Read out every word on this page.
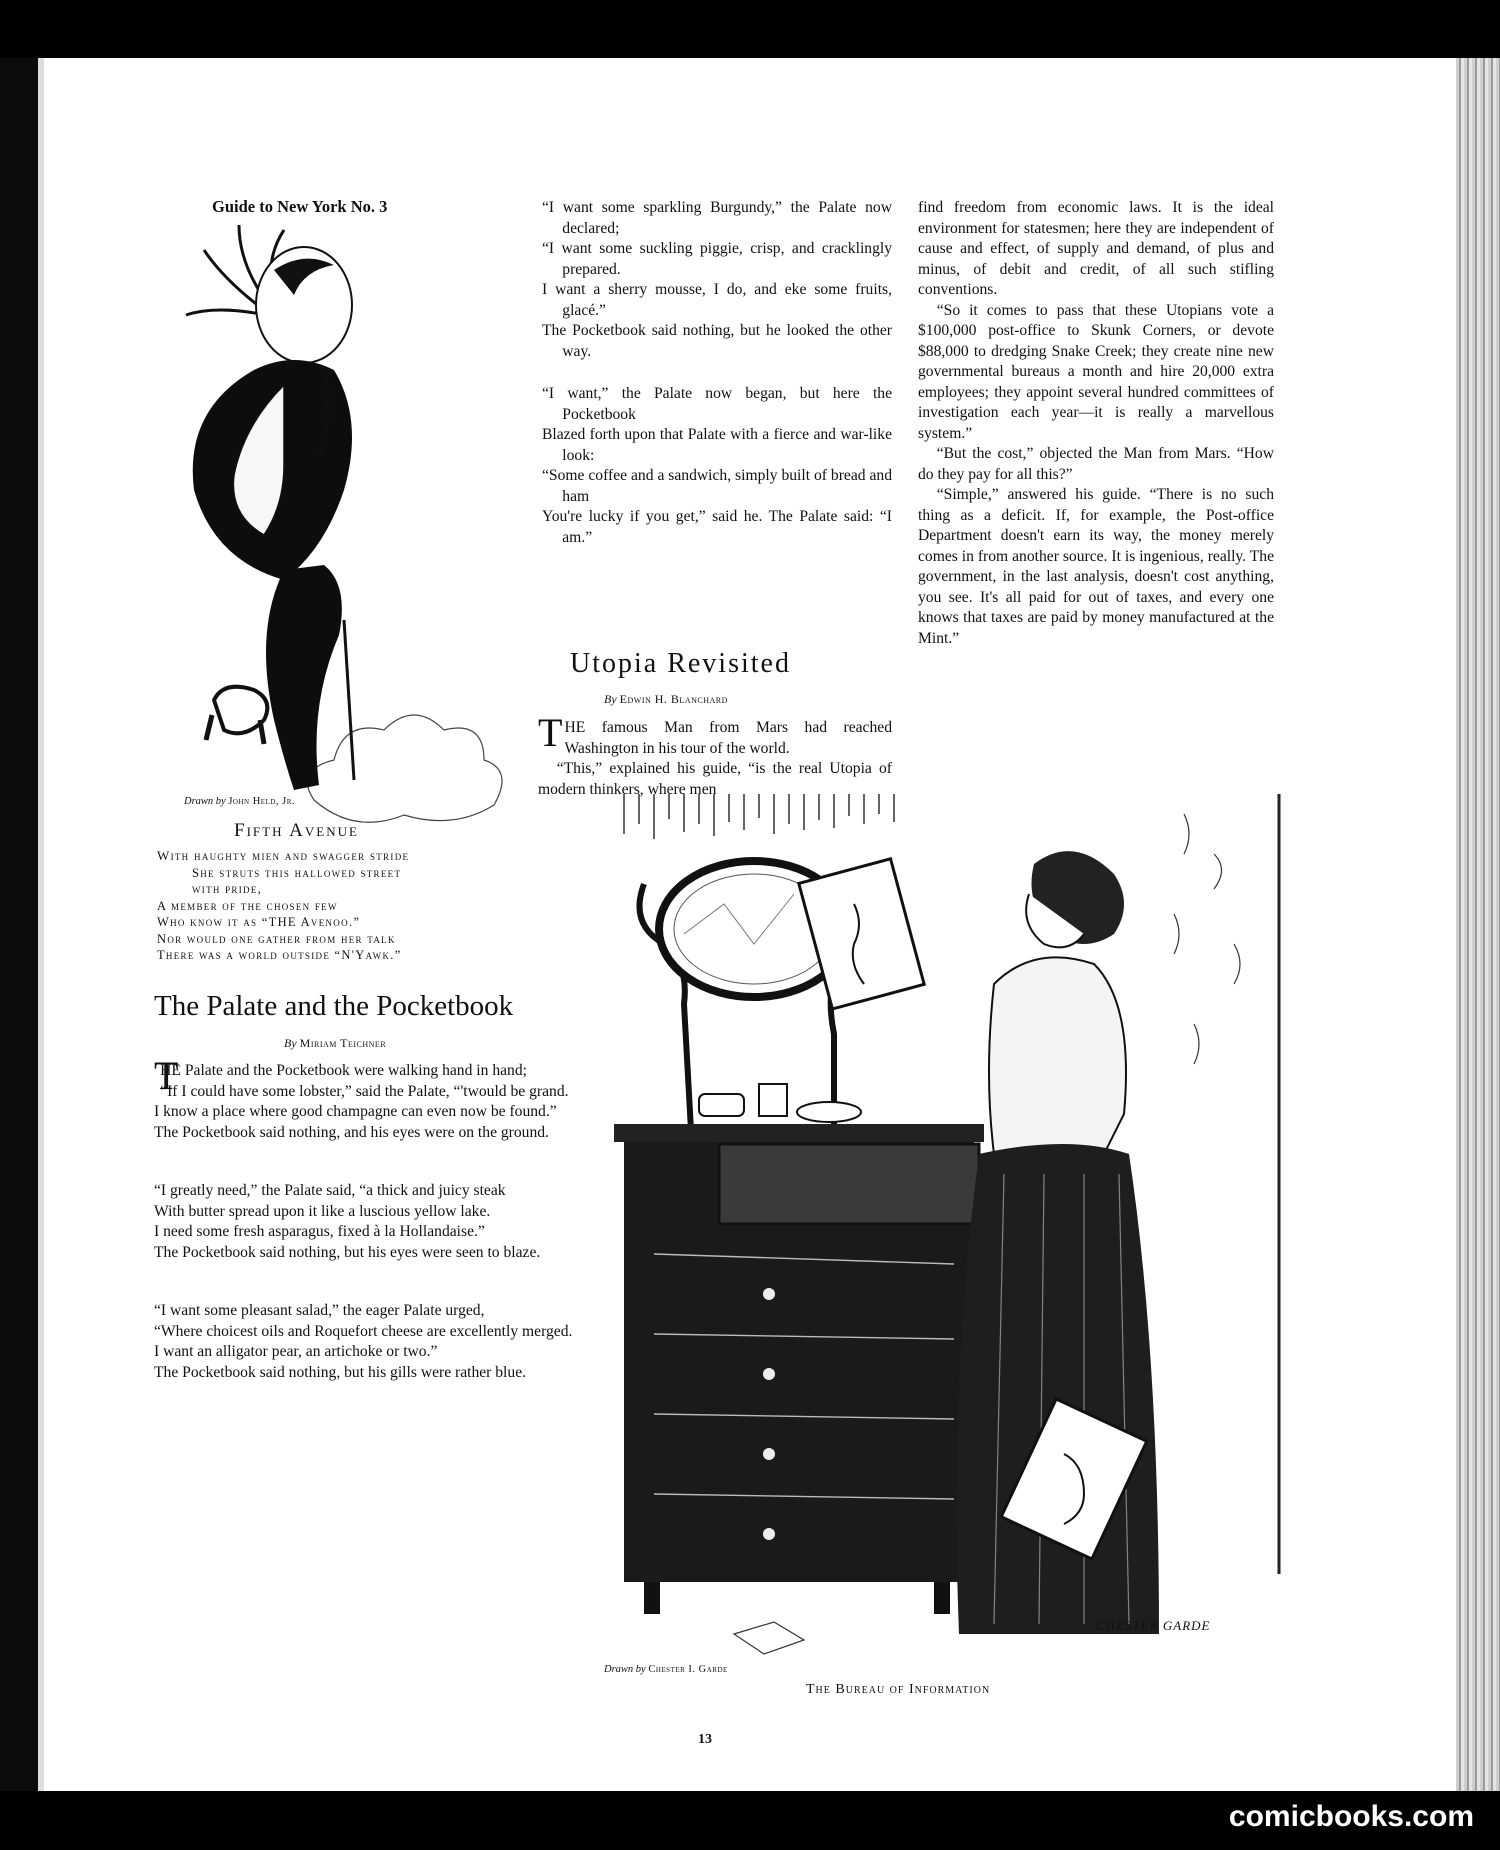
Guide to New York No. 3
Drawn by John Held, Jr.
Fifth Avenue
With haughty mien and swagger stride
She struts this hallowed street
with pride,
A member of the chosen few
Who know it as “THE Avenoo.”
Nor would one gather from her talk
There was a world outside “N'Yawk.”
The Palate and the Pocketbook
By Miriam Teichner

THE Palate and the Pocketbook were walking hand in hand;

“If I could have some lobster,” said the Palate, “'twould be grand.

I know a place where good champagne can even now be found.”

The Pocketbook said nothing, and his eyes were on the ground.

“I greatly need,” the Palate said, “a thick and juicy steak

With butter spread upon it like a luscious yellow lake.

I need some fresh asparagus, fixed à la Hollandaise.”

The Pocketbook said nothing, but his eyes were seen to blaze.

“I want some pleasant salad,” the eager Palate urged,

“Where choicest oils and Roquefort cheese are excellently merged.

I want an alligator pear, an artichoke or two.”

The Pocketbook said nothing, but his gills were rather blue.

“I want some sparkling Burgundy,” the Palate now declared;

“I want some suckling piggie, crisp, and cracklingly prepared.

I want a sherry mousse, I do, and eke some fruits, glacé.”

The Pocketbook said nothing, but he looked the other way.

“I want,” the Palate now began, but here the Pocketbook

Blazed forth upon that Palate with a fierce and war-like look:

“Some coffee and a sandwich, simply built of bread and ham

You're lucky if you get,” said he. The Palate said: “I am.”

Utopia Revisited
By Edwin H. Blanchard

THE famous Man from Mars had reached Washington in his tour of the world.

“This,” explained his guide, “is the real Utopia of modern thinkers, where men

find freedom from economic laws. It is the ideal environment for statesmen; here they are independent of cause and effect, of supply and demand, of plus and minus, of debit and credit, of all such stifling conventions.

“So it comes to pass that these Utopians vote a $100,000 post-office to Skunk Corners, or devote $88,000 to dredging Snake Creek; they create nine new governmental bureaus a month and hire 20,000 extra employees; they appoint several hundred committees of investigation each year—it is really a marvellous system.”

“But the cost,” objected the Man from Mars. “How do they pay for all this?”

“Simple,” answered his guide. “There is no such thing as a deficit. If, for example, the Post-office Department doesn't earn its way, the money merely comes in from another source. It is ingenious, really. The government, in the last analysis, doesn't cost anything, you see. It's all paid for out of taxes, and every one knows that taxes are paid by money manufactured at the Mint.”

CHESTER GARDE
Drawn by Chester I. Garde
The Bureau of Information
13
comicbooks.com
